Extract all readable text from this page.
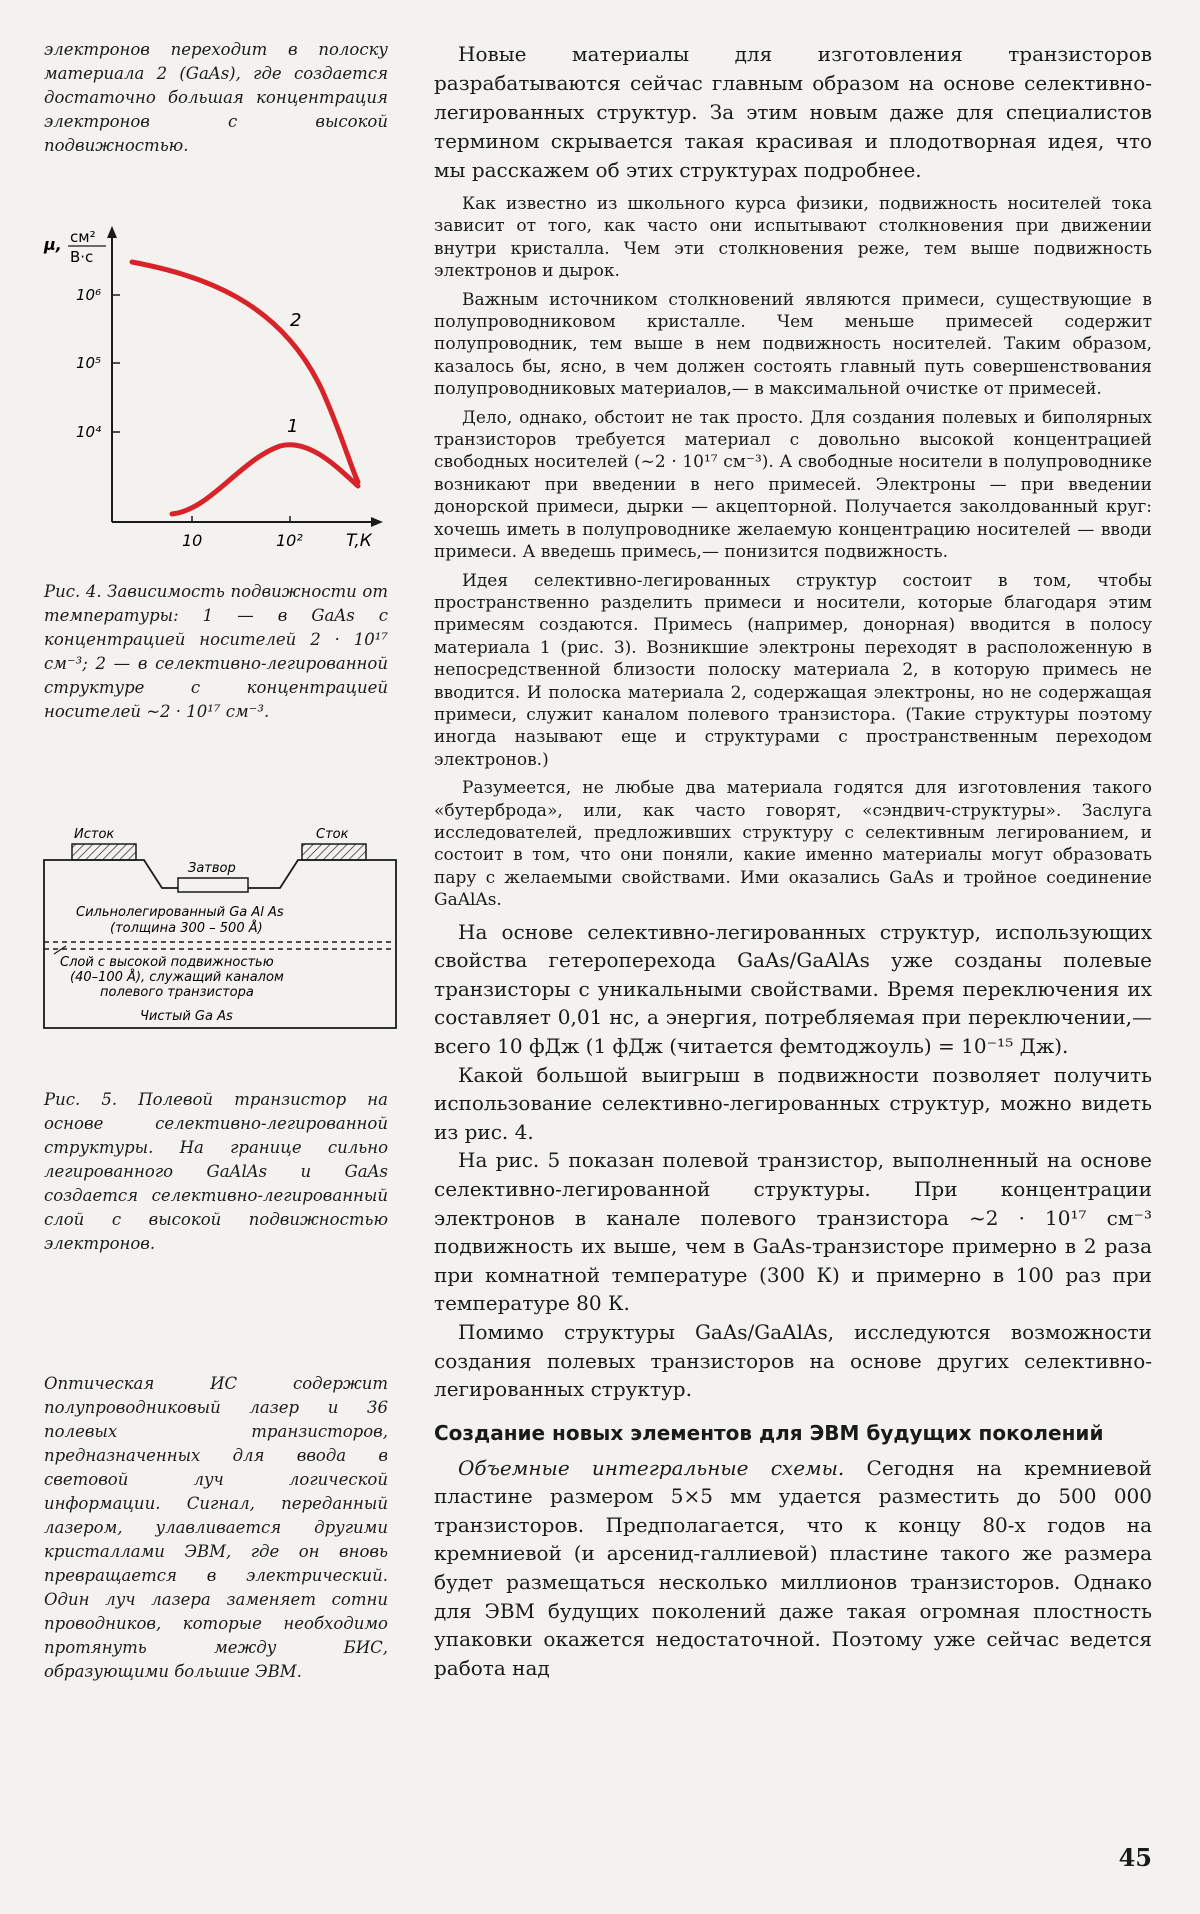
электронов переходит в полоску материала 2 (GaAs), где создается достаточно большая концентрация электронов с высокой подвижностью.

μ, см²
В·с
10⁶
10⁵
10⁴
10	10²	T,К
2
1

Рис. 4. Зависимость подвижности от температуры: 1 — в GaAs с концентрацией носителей 2 · 10¹⁷ см⁻³; 2 — в селективно-легированной структуре с концентрацией носителей ~2 · 10¹⁷ см⁻³.

Исток	Сток
Затвор
Сильнолегированный Ga Al As
(толщина 300 – 500 Å)
Слой с высокой подвижностью
(40–100 Å), служащий каналом
полевого транзистора
Чистый Ga As

Рис. 5. Полевой транзистор на основе селективно-легированной структуры. На границе сильно легированного GaAlAs и GaAs создается селективно-легированный слой с высокой подвижностью электронов.

Оптическая ИС содержит полупроводниковый лазер и 36 полевых транзисторов, предназначенных для ввода в световой луч логической информации. Сигнал, переданный лазером, улавливается другими кристаллами ЭВМ, где он вновь превращается в электрический. Один луч лазера заменяет сотни проводников, которые необходимо протянуть между БИС, образующими большие ЭВМ.

Новые материалы для изготовления транзисторов разрабатываются сейчас главным образом на основе селективно-легированных структур. За этим новым даже для специалистов термином скрывается такая красивая и плодотворная идея, что мы расскажем об этих структурах подробнее.

Как известно из школьного курса физики, подвижность носителей тока зависит от того, как часто они испытывают столкновения при движении внутри кристалла. Чем эти столкновения реже, тем выше подвижность электронов и дырок.

Важным источником столкновений являются примеси, существующие в полупроводниковом кристалле. Чем меньше примесей содержит полупроводник, тем выше в нем подвижность носителей. Таким образом, казалось бы, ясно, в чем должен состоять главный путь совершенствования полупроводниковых материалов,— в максимальной очистке от примесей.

Дело, однако, обстоит не так просто. Для создания полевых и биполярных транзисторов требуется материал с довольно высокой концентрацией свободных носителей (~2 · 10¹⁷ см⁻³). А свободные носители в полупроводнике возникают при введении в него примесей. Электроны — при введении донорской примеси, дырки — акцепторной. Получается заколдованный круг: хочешь иметь в полупроводнике желаемую концентрацию носителей — вводи примеси. А введешь примесь,— понизится подвижность.

Идея селективно-легированных структур состоит в том, чтобы пространственно разделить примеси и носители, которые благодаря этим примесям создаются. Примесь (например, донорная) вводится в полосу материала 1 (рис. 3). Возникшие электроны переходят в расположенную в непосредственной близости полоску материала 2, в которую примесь не вводится. И полоска материала 2, содержащая электроны, но не содержащая примеси, служит каналом полевого транзистора. (Такие структуры поэтому иногда называют еще и структурами с пространственным переходом электронов.)

Разумеется, не любые два материала годятся для изготовления такого «бутерброда», или, как часто говорят, «сэндвич-структуры». Заслуга исследователей, предложивших структуру с селективным легированием, и состоит в том, что они поняли, какие именно материалы могут образовать пару с желаемыми свойствами. Ими оказались GaAs и тройное соединение GaAlAs.

На основе селективно-легированных структур, использующих свойства гетероперехода GaAs/GaAlAs уже созданы полевые транзисторы с уникальными свойствами. Время переключения их составляет 0,01 нс, а энергия, потребляемая при переключении,— всего 10 фДж (1 фДж (читается фемтоджоуль) = 10⁻¹⁵ Дж).

Какой большой выигрыш в подвижности позволяет получить использование селективно-легированных структур, можно видеть из рис. 4.

На рис. 5 показан полевой транзистор, выполненный на основе селективно-легированной структуры. При концентрации электронов в канале полевого транзистора ~2 · 10¹⁷ см⁻³ подвижность их выше, чем в GaAs-транзисторе примерно в 2 раза при комнатной температуре (300 К) и примерно в 100 раз при температуре 80 К.

Помимо структуры GaAs/GaAlAs, исследуются возможности создания полевых транзисторов на основе других селективно-легированных структур.

Создание новых элементов для ЭВМ будущих поколений

Объемные интегральные схемы. Сегодня на кремниевой пластине размером 5×5 мм удается разместить до 500 000 транзисторов. Предполагается, что к концу 80-х годов на кремниевой (и арсенид-галлиевой) пластине такого же размера будет размещаться несколько миллионов транзисторов. Однако для ЭВМ будущих поколений даже такая огромная плостность упаковки окажется недостаточной. Поэтому уже сейчас ведется работа над

45
